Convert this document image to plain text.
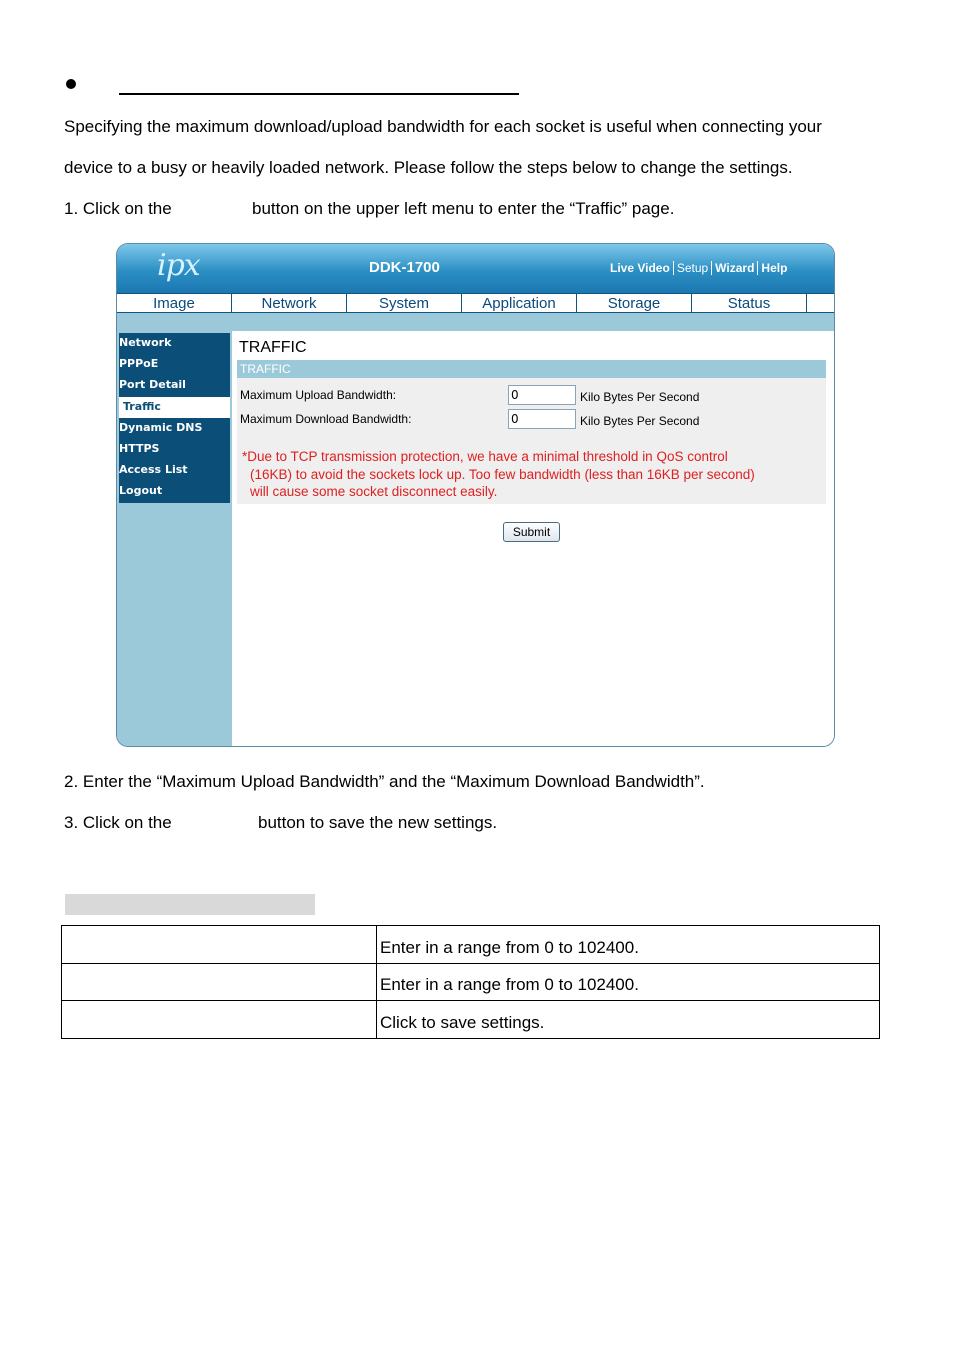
Specifying the maximum download/upload bandwidth for each socket is useful when connecting your
device to a busy or heavily loaded network. Please follow the steps below to change the settings.
1. Click on the	button on the upper left menu to enter the “Traffic” page.
ipx	DDK-1700	Live Video Setup Wizard Help
Image	Network	System	Application	Storage	Status
Network
PPPoE
Port Detail
Traffic
Dynamic DNS
HTTPS
Access List
Logout
TRAFFIC
TRAFFIC
Maximum Upload Bandwidth:	0	Kilo Bytes Per Second
Maximum Download Bandwidth:	0	Kilo Bytes Per Second
*Due to TCP transmission protection, we have a minimal threshold in QoS control
(16KB) to avoid the sockets lock up. Too few bandwidth (less than 16KB per second)
will cause some socket disconnect easily.
Submit
2. Enter the “Maximum Upload Bandwidth” and the “Maximum Download Bandwidth”.
3. Click on the	button to save the new settings.
	Enter in a range from 0 to 102400.
	Enter in a range from 0 to 102400.
	Click to save settings.
